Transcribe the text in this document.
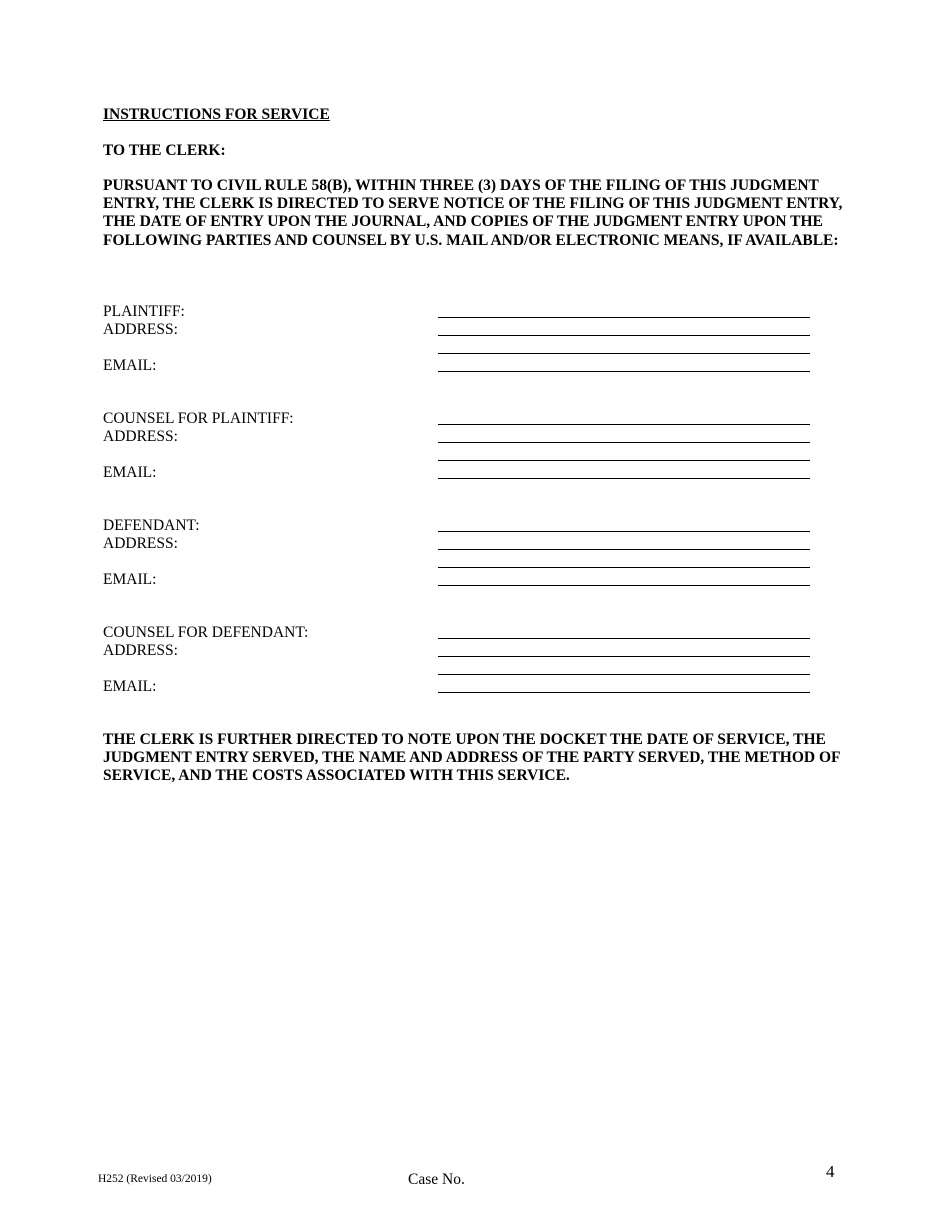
INSTRUCTIONS FOR SERVICE
TO THE CLERK:

PURSUANT TO CIVIL RULE 58(B), WITHIN THREE (3) DAYS OF THE FILING OF THIS JUDGMENT ENTRY, THE CLERK IS DIRECTED TO SERVE NOTICE OF THE FILING OF THIS JUDGMENT ENTRY, THE DATE OF ENTRY UPON THE JOURNAL, AND COPIES OF THE JUDGMENT ENTRY UPON THE FOLLOWING PARTIES AND COUNSEL BY U.S. MAIL AND/OR ELECTRONIC MEANS, IF AVAILABLE:

PLAINTIFF:
ADDRESS:
EMAIL:
COUNSEL FOR PLAINTIFF:
ADDRESS:
EMAIL:
DEFENDANT:
ADDRESS:
EMAIL:
COUNSEL FOR DEFENDANT:
ADDRESS:
EMAIL:

THE CLERK IS FURTHER DIRECTED TO NOTE UPON THE DOCKET THE DATE OF SERVICE, THE JUDGMENT ENTRY SERVED, THE NAME AND ADDRESS OF THE PARTY SERVED, THE METHOD OF SERVICE, AND THE COSTS ASSOCIATED WITH THIS SERVICE.

H252 (Revised 03/2019)	Case No.	4
